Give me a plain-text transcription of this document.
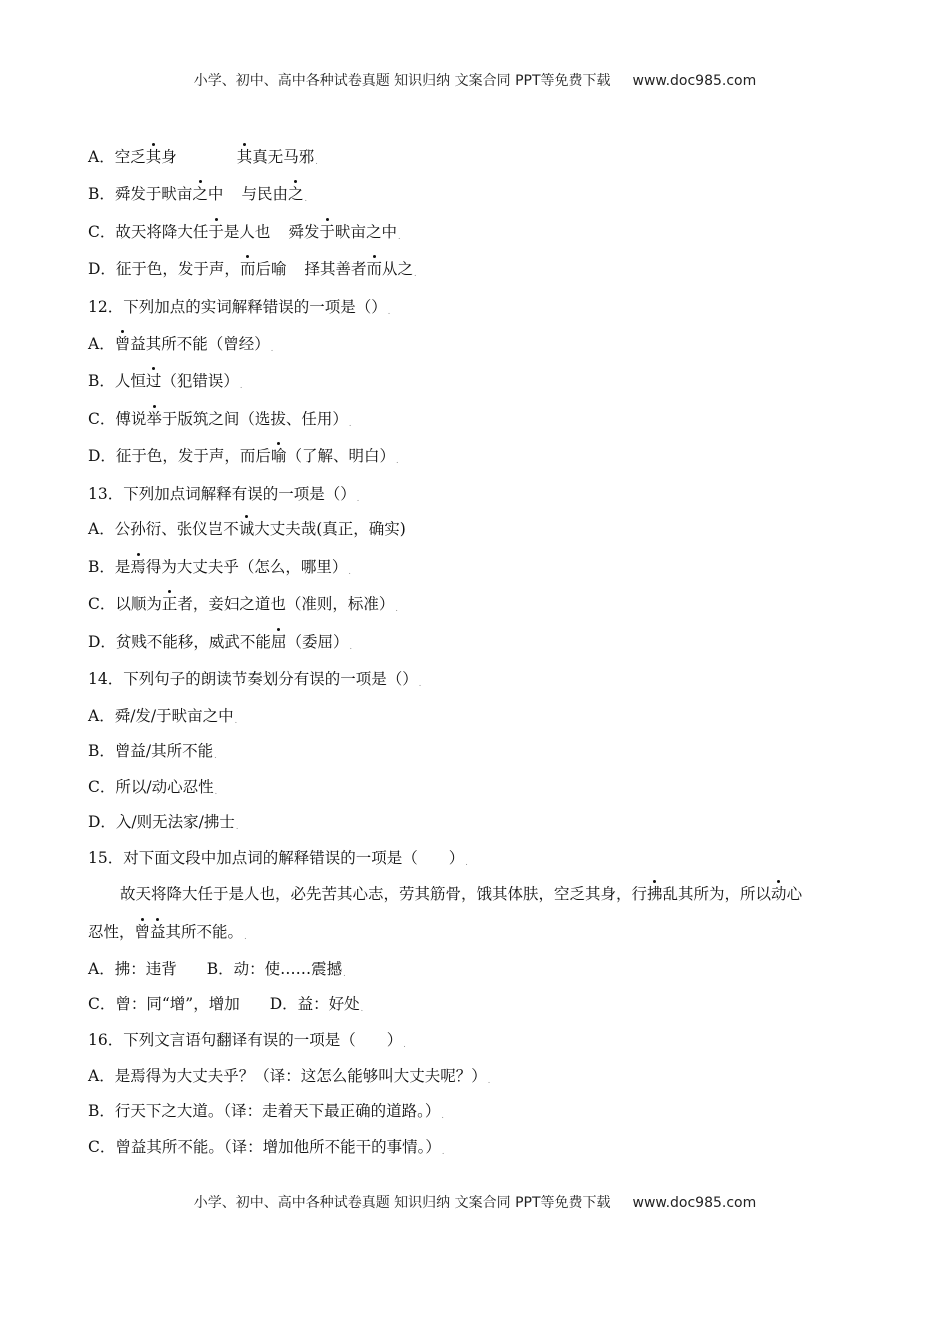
小学、初中、高中各种试卷真题 知识归纳 文案合同 PPT等免费下载 www.doc985.com
A．空乏其身	其真无马邪.
B．舜发于畎亩之中 与民由之.
C．故天将降大任于是人也 舜发于畎亩之中.
D．征于色，发于声，而后喻 择其善者而从之.
12．下列加点的实词解释错误的一项是（）.
A．曾益其所不能（曾经）.
B．人恒过（犯错误）.
C．傅说举于版筑之间（选拔、任用）.
D．征于色，发于声，而后喻（了解、明白）.
13．下列加点词解释有误的一项是（）.
A．公孙衍、张仪岂不诚大丈夫哉(真正，确实)
B．是焉得为大丈夫乎（怎么，哪里）.
C．以顺为正者，妾妇之道也（准则，标准）.
D．贫贱不能移，威武不能屈（委屈）.
14．下列句子的朗读节奏划分有误的一项是（）.
A．舜/发/于畎亩之中.
B．曾益/其所不能.
C．所以/动心忍性.
D．入/则无法家/拂士.
15．对下面文段中加点词的解释错误的一项是（　　）.
故天将降大任于是人也，必先苦其心志，劳其筋骨，饿其体肤，空乏其身，行拂乱其所为，所以动心
忍性，曾益其所不能。.
A．拂：违背 B．动：使……震撼.
C．曾：同“增”，增加 D．益：好处.
16．下列文言语句翻译有误的一项是（　　）.
A．是焉得为大丈夫乎？（译：这怎么能够叫大丈夫呢？）.
B．行天下之大道。（译：走着天下最正确的道路。）.
C．曾益其所不能。（译：增加他所不能干的事情。）.
小学、初中、高中各种试卷真题 知识归纳 文案合同 PPT等免费下载 www.doc985.com
